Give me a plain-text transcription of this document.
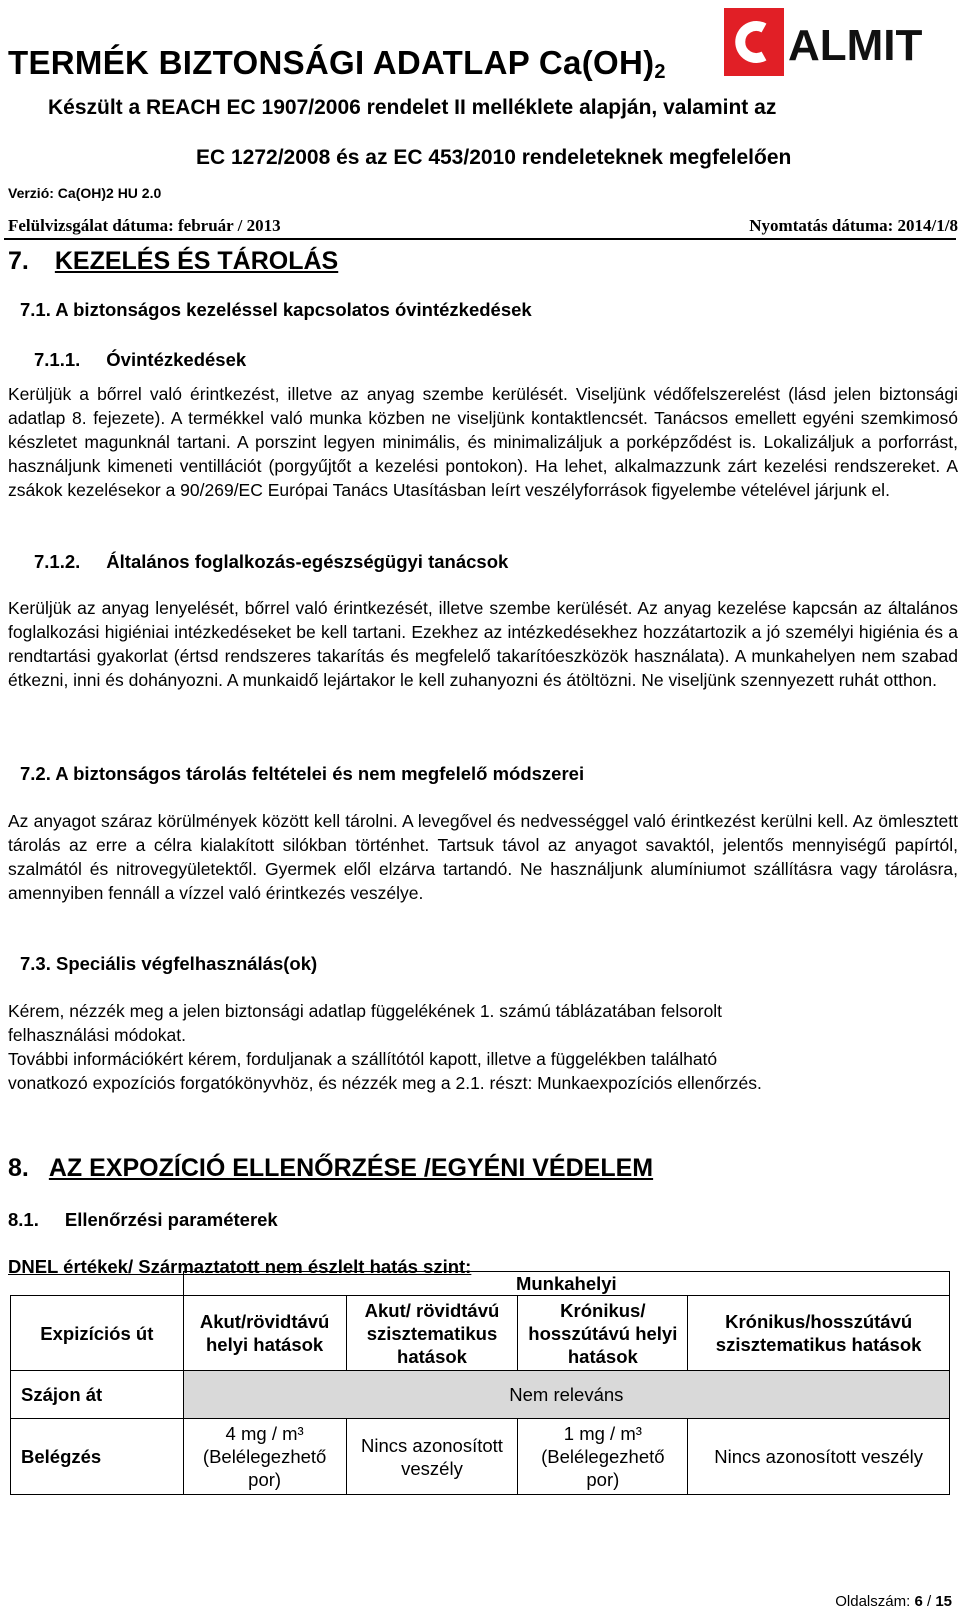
TERMÉK BIZTONSÁGI ADATLAP $Ca(OH)_2$
Készült a REACH EC 1907/2006 rendelet II melléklete alapján, valamint az
EC 1272/2008 és az EC 453/2010 rendeleteknek megfelelően
ALMIT
Verzió: Ca(OH)2 HU 2.0
Felülvizsgálat dátuma: február / 2013	Nyomtatás dátuma: 2014/1/8
7. KEZELÉS ÉS TÁROLÁS
7.1. A biztonságos kezeléssel kapcsolatos óvintézkedések
7.1.1. Óvintézkedések
Kerüljük a bőrrel való érintkezést, illetve az anyag szembe kerülését. Viseljünk védőfelszerelést (lásd jelen biztonsági adatlap 8. fejezete). A termékkel való munka közben ne viseljünk kontaktlencsét. Tanácsos emellett egyéni szemkimosó készletet magunknál tartani. A porszint legyen minimális, és minimalizáljuk a porképződést is. Lokalizáljuk a porforrást, használjunk kimeneti ventillációt (porgyűjtőt a kezelési pontokon). Ha lehet, alkalmazzunk zárt kezelési rendszereket. A zsákok kezelésekor a 90/269/EC Európai Tanács Utasításban leírt veszélyforrások figyelembe vételével járjunk el.
7.1.2. Általános foglalkozás-egészségügyi tanácsok
Kerüljük az anyag lenyelését, bőrrel való érintkezését, illetve szembe kerülését. Az anyag kezelése kapcsán az általános foglalkozási higiéniai intézkedéseket be kell tartani. Ezekhez az intézkedésekhez hozzátartozik a jó személyi higiénia és a rendtartási gyakorlat (értsd rendszeres takarítás és megfelelő takarítóeszközök használata). A munkahelyen nem szabad étkezni, inni és dohányozni. A munkaidő lejártakor le kell zuhanyozni és átöltözni. Ne viseljünk szennyezett ruhát otthon.
7.2. A biztonságos tárolás feltételei és nem megfelelő módszerei
Az anyagot száraz körülmények között kell tárolni. A levegővel és nedvességgel való érintkezést kerülni kell. Az ömlesztett tárolás az erre a célra kialakított silókban történhet. Tartsuk távol az anyagot savaktól, jelentős mennyiségű papírtól, szalmától és nitrovegyületektől. Gyermek elől elzárva tartandó. Ne használjunk alumíniumot szállításra vagy tárolásra, amennyiben fennáll a vízzel való érintkezés veszélye.
7.3. Speciális végfelhasználás(ok)
Kérem, nézzék meg a jelen biztonsági adatlap függelékének 1. számú táblázatában felsorolt
felhasználási módokat.
További információkért kérem, forduljanak a szállítótól kapott, illetve a függelékben található
vonatkozó expozíciós forgatókönyvhöz, és nézzék meg a 2.1. részt: Munkaexpozíciós ellenőrzés.
8. AZ EXPOZÍCIÓ ELLENŐRZÉSE /EGYÉNI VÉDELEM
8.1. Ellenőrzési paraméterek
DNEL értékek/ Származtatott nem észlelt hatás szint:
	Munkahelyi			
Expizíciós út	Akut/rövidtávú helyi hatások	Akut/ rövidtávú szisztematikus hatások	Krónikus/ hosszútávú helyi hatások	Krónikus/hosszútávú szisztematikus hatások
Szájon át	Nem releváns			
Belégzés	4 mg / m³ (Belélegezhető por)	Nincs azonosított veszély	1 mg / m³ (Belélegezhető por)	Nincs azonosított veszély
Oldalszám: 6 / 15
